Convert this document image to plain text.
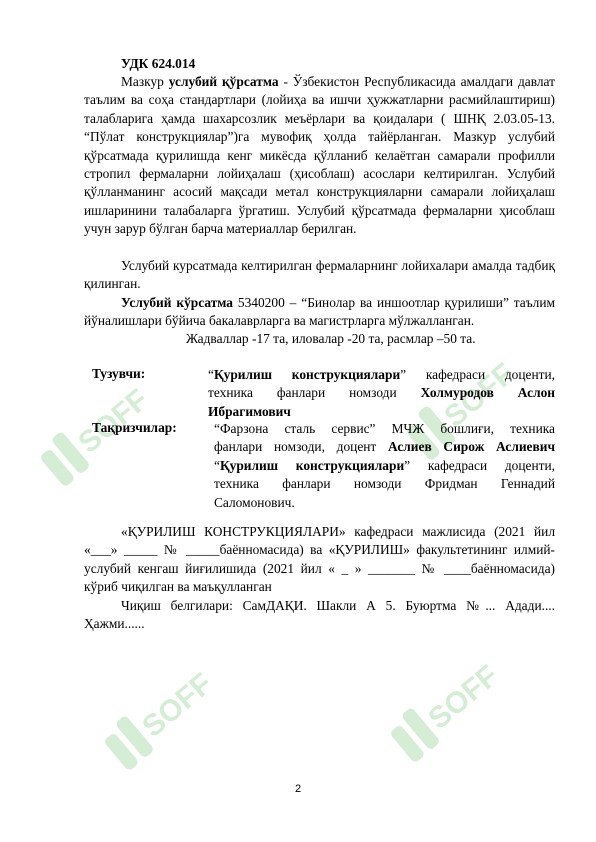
SOFF	SOFF
SOFF	SOFF
УДК 624.014
Мазкур услубий қўрсатма - Ўзбекистон Республикасида амалдаги давлат таълим ва соҳа стандартлари (лойиҳа ва ишчи ҳужжатларни расмийлаштириш) талабларига ҳамда шахарсозлик меъёрлари ва қоидалари ( ШНҚ 2.03.05-13. “Пўлат конструкциялар”)га мувофиқ ҳолда тайёрланган. Мазкур услубий қўрсатмада қурилишда кенг микёсда қўлланиб келаётган самарали профилли стропил фермаларни лойиҳалаш (ҳисоблаш) асослари келтирилган. Услубий қўлланманинг асосий мақсади метал конструкцияларни самарали лойиҳалаш ишларинини талабаларга ўргатиш. Услубий қўрсатмада фермаларни ҳисоблаш учун зарур бўлган барча материаллар берилган.
Услубий курсатмада келтирилган фермаларнинг лойихалари амалда тадбиқ қилинган.
Услубий кўрсатма 5340200 – “Бинолар ва иншоотлар қурилиши” таълим йўналишлари бўйича бакалаврларга ва магистрларга мўлжалланган.
Жадваллар -17 та, иловалар -20 та, расмлар –50 та.
Тузувчи:	“Қурилиш конструкциялари” кафедраси доценти,
техника фанлари номзоди Холмуродов Аслон
Ибрагимович
Тақризчилар:	“Фарзона сталь сервис” МЧЖ бошлиғи, техника
фанлари номзоди, доцент Аслиев Сирож Аслиевич
“Қурилиш конструкциялари” кафедраси доценти,
техника фанлари номзоди Фридман Геннадий
Саломонович.
«ҚУРИЛИШ КОНСТРУКЦИЯЛАРИ» кафедраси мажлисида (2021 йил «___» _____ № _____баённомасида) ва «ҚУРИЛИШ» факультетининг илмий-услубий кенгаш йиғилишида (2021 йил « _ » _______ № ____баённомасида) кўриб чиқилган ва маъқулланган
Чиқиш белгилари: СамДАҚИ. Шакли А 5. Буюртма №... Адади.... Ҳажми......
2
